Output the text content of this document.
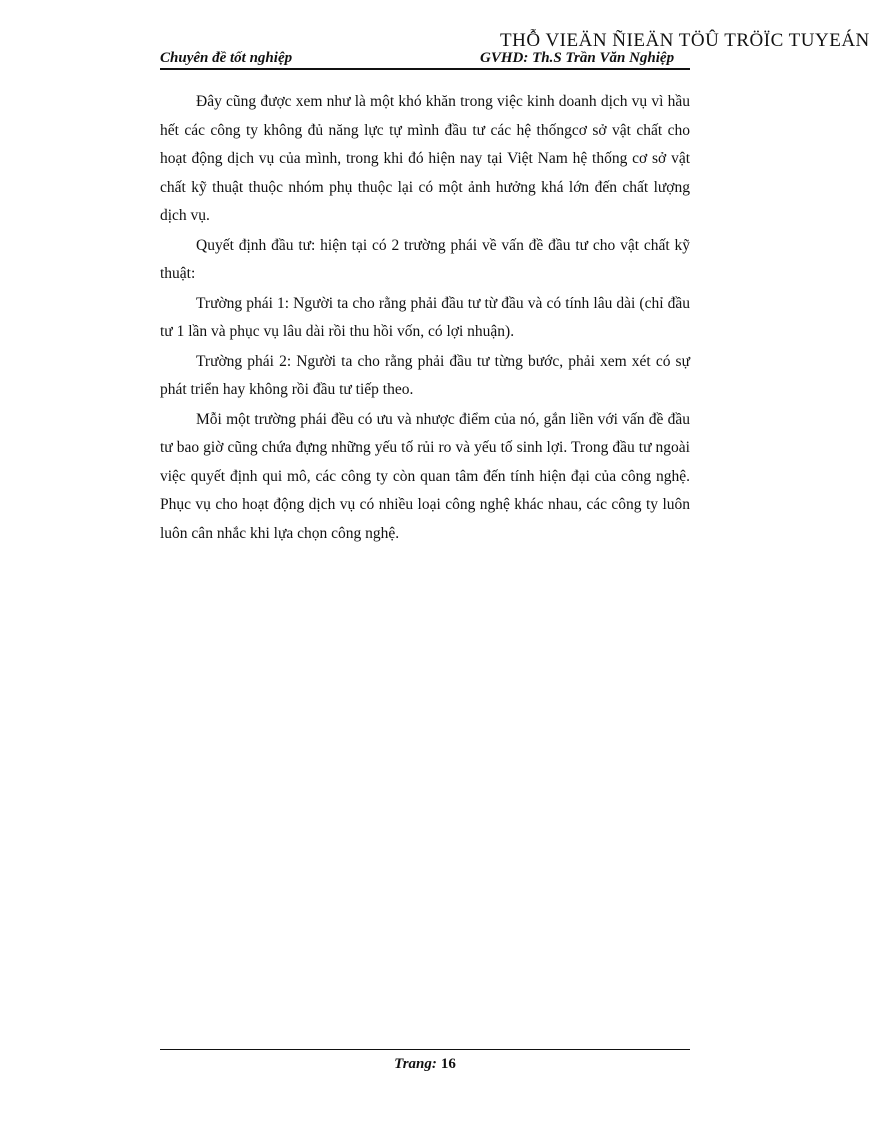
THỖ VIEÄN ÑIEÄN TÖÛ TRÖÏC TUYEÁN
Chuyên đề tốt nghiệp	GVHD: Th.S Trần Văn Nghiệp

Đây cũng được xem như là một khó khăn trong việc kinh doanh dịch vụ vì hầu hết các công ty không đủ năng lực tự mình đầu tư các hệ thốngcơ sở vật chất cho hoạt động dịch vụ của mình, trong khi đó hiện nay tại Việt Nam hệ thống cơ sở vật chất kỹ thuật thuộc nhóm phụ thuộc lại có một ảnh hưởng khá lớn đến chất lượng dịch vụ.

Quyết định đầu tư: hiện tại có 2 trường phái về vấn đề đầu tư cho vật chất kỹ thuật:

Trường phái 1: Người ta cho rằng phải đầu tư từ đầu và có tính lâu dài (chỉ đầu tư 1 lần và phục vụ lâu dài rồi thu hồi vốn, có lợi nhuận).

Trường phái 2: Người ta cho rằng phải đầu tư từng bước, phải xem xét có sự phát triển hay không rồi đầu tư tiếp theo.

Mỗi một trường phái đều có ưu và nhược điểm của nó, gắn liền với vấn đề đầu tư bao giờ cũng chứa đựng những yếu tố rủi ro và yếu tố sinh lợi. Trong đầu tư ngoài việc quyết định qui mô, các công ty còn quan tâm đến tính hiện đại của công nghệ. Phục vụ cho hoạt động dịch vụ có nhiều loại công nghệ khác nhau, các công ty luôn luôn cân nhắc khi lựa chọn công nghệ.

Trang: 16
